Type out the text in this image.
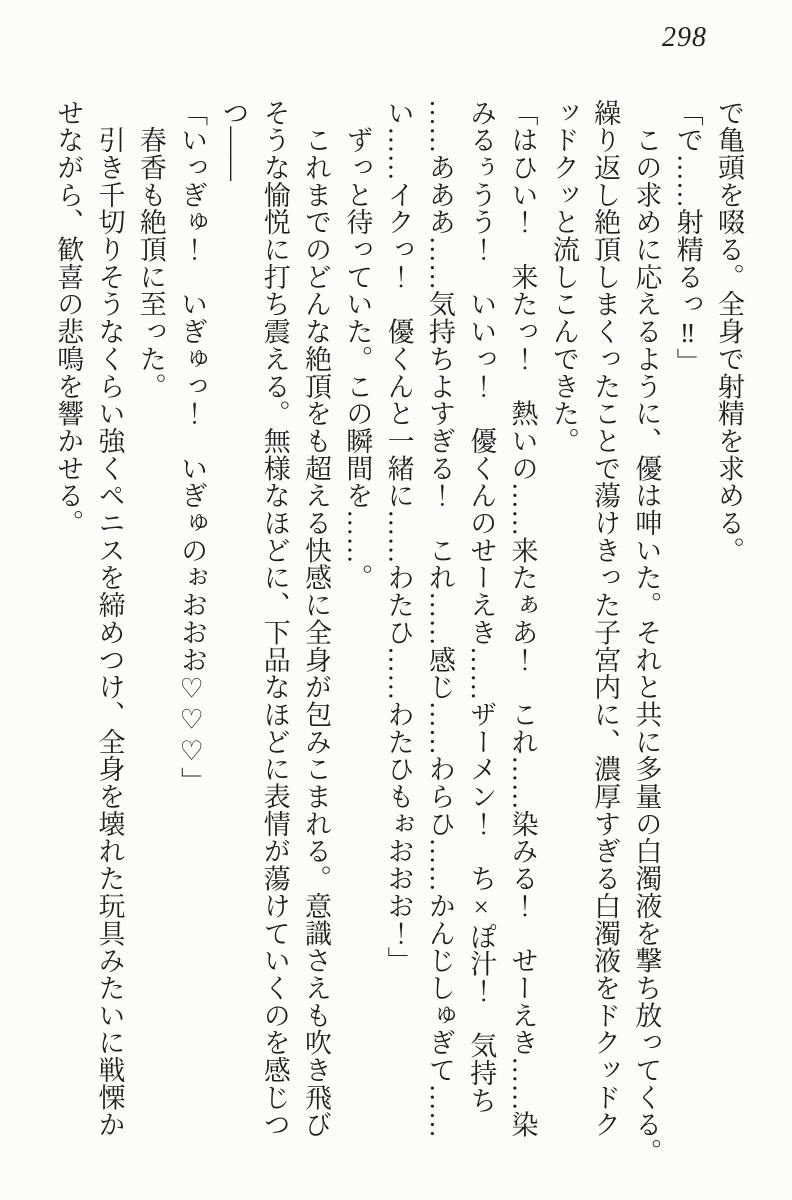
298
で亀頭を啜る。全身で射精を求める。
「で……射精るっ‼」
　この求めに応えるように、優は呻いた。それと共に多量の白濁液を撃ち放ってくる。
繰り返し絶頂しまくったことで蕩けきった子宮内に、濃厚すぎる白濁液をドクッドク
ッドクッと流しこんできた。
「はひい！　来たっ！　熱いの……来たぁあ！　これ……染みる！　せーえき……染
みるぅうう！　いいっ！　優くんのせーえき……ザーメン！　ち×ぽ汁！　気持ち
……あああ……気持ちよすぎる！　これ……感じ……わらひ……かんじしゅぎて……
い……イクっ！　優くんと一緒に……わたひ……わたひもぉおおお！」
　ずっと待っていた。この瞬間を……。
　これまでのどんな絶頂をも超える快感に全身が包みこまれる。意識さえも吹き飛び
そうな愉悦に打ち震える。無様なほどに、下品なほどに表情が蕩けていくのを感じつ
つ――
「いっぎゅ！　いぎゅっ！　いぎゅのぉおおお♡♡♡」
　春香も絶頂に至った。
　引き千切りそうなくらい強くペニスを締めつけ、全身を壊れた玩具みたいに戦慄か
せながら、歓喜の悲鳴を響かせる。
